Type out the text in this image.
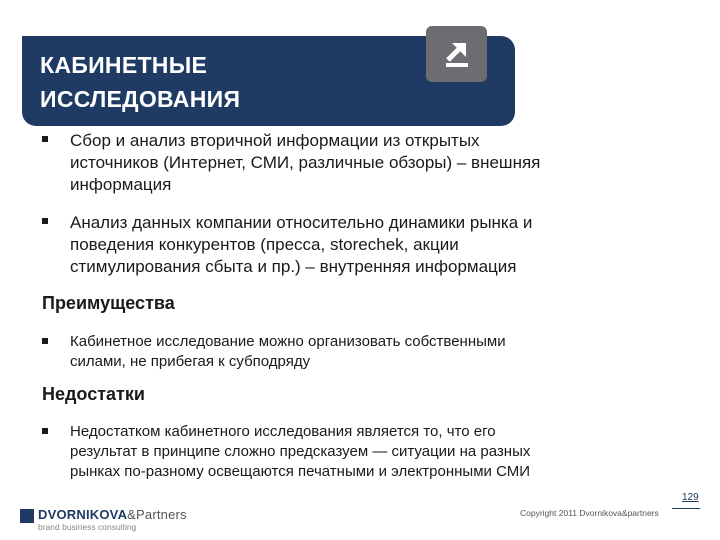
КАБИНЕТНЫЕ
ИССЛЕДОВАНИЯ
Сбор и анализ вторичной информации из открытых
источников (Интернет, СМИ, различные обзоры) – внешняя
информация
Анализ данных компании относительно динамики рынка и
поведения конкурентов (пресса, storechek, акции
стимулирования сбыта и пр.) – внутренняя информация
Преимущества
Кабинетное исследование можно организовать собственными
силами, не прибегая к субподряду
Недостатки
Недостатком кабинетного исследования является то, что его
результат в принципе сложно предсказуем — ситуации на разных
рынках по-разному освещаются печатными и электронными СМИ
DVORNIKOVA&Partners
brand business consulting
Copyright 2011 Dvornikova&partners
129
